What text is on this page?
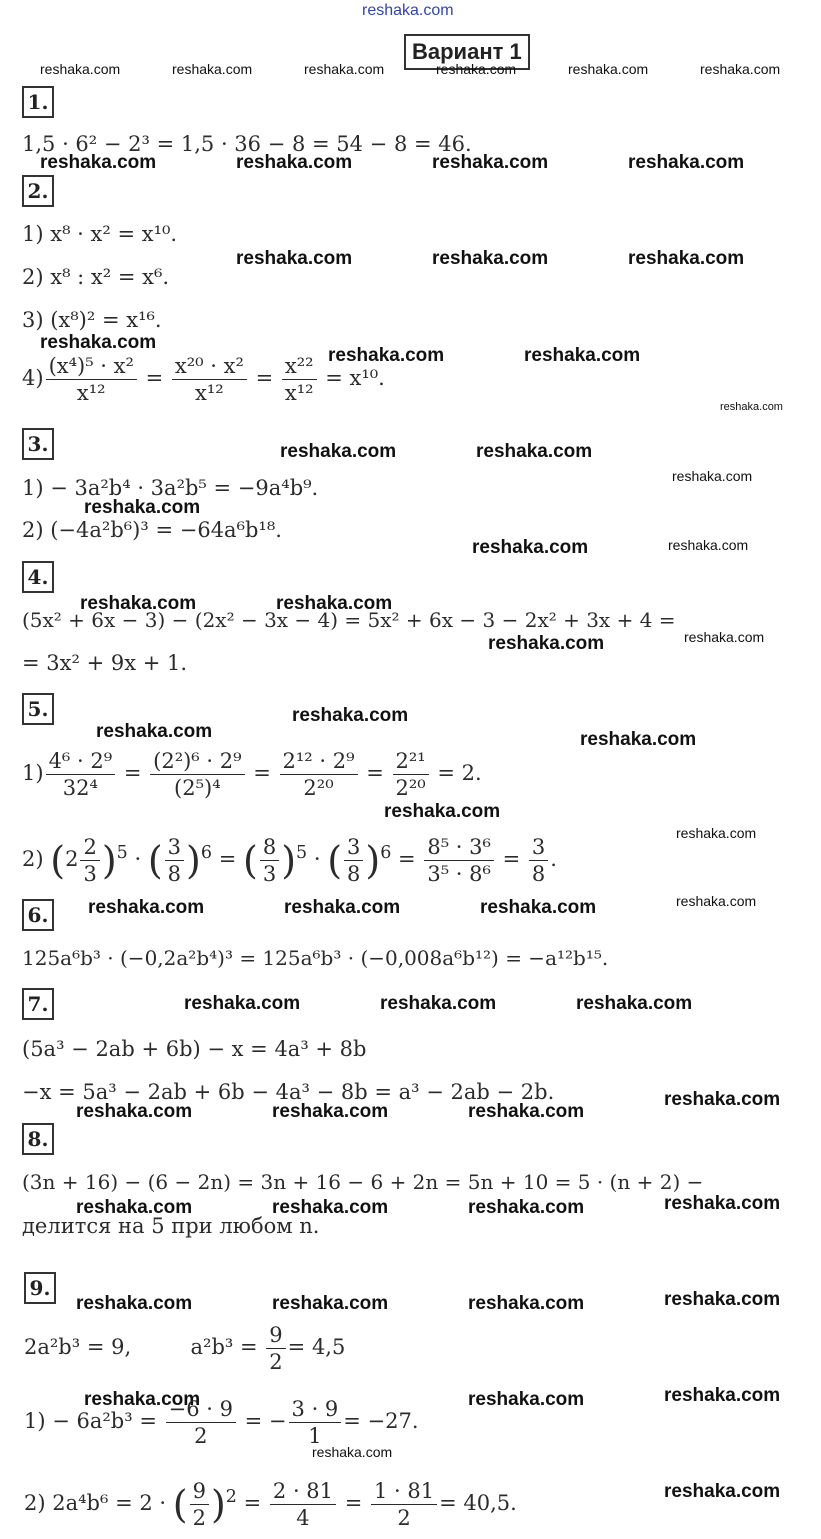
reshaka.com
Вариант 1
reshaka.com	reshaka.com	reshaka.com	reshaka.com	reshaka.com	reshaka.com
1.
1,5 · 6² − 2³ = 1,5 · 36 − 8 = 54 − 8 = 46.
reshaka.com	reshaka.com	reshaka.com	reshaka.com
2.
1) x⁸ · x² = x¹⁰.
2) x⁸ : x² = x⁶.
reshaka.com	reshaka.com	reshaka.com
3) (x⁸)² = x¹⁶.
reshaka.com
$4) \frac{\text{(x⁴)⁵ · x²}}{\text{x¹²}} = \frac{\text{x²⁰ · x²}}{\text{x¹²}} = \frac{\text{x²²}}{\text{x¹²}} = x^{10}$.
reshaka.com	reshaka.com
reshaka.com
3.	reshaka.com	reshaka.com
reshaka.com
1) − 3a²b⁴ · 3a²b⁵ = −9a⁴b⁹.
reshaka.com
2) (−4a²b⁶)³ = −64a⁶b¹⁸.
reshaka.com	reshaka.com
4.
reshaka.com	reshaka.com
(5x² + 6x − 3) − (2x² − 3x − 4) = 5x² + 6x − 3 − 2x² + 3x + 4 =
reshaka.com
reshaka.com
= 3x² + 9x + 1.
5.	reshaka.com
reshaka.com	reshaka.com
$1) \frac{\text{4⁶ · 2⁹}}{\text{32⁴}} = \frac{\text{(2²)⁶ · 2⁹}}{\text{(2⁵)⁴}} = \frac{\text{2¹² · 2⁹}}{\text{2²⁰}} = \frac{\text{2²¹}}{\text{2²⁰}} = 2$.
reshaka.com
reshaka.com
2) $(2 \frac{2}{3} )^5$ · ( $\frac{3}{8} )^6$ = ( $\frac{8}{3} )^5$ · ( $\frac{3}{8} )^6 = \frac{\text{8⁵ · 3⁶}}{\text{3⁵ · 8⁶}} = \frac{3}{8}$ .
reshaka.com
6. reshaka.com	reshaka.com	reshaka.com
125a⁶b³ · (−0,2a²b⁴)³ = 125a⁶b³ · (−0,008a⁶b¹²) = −a¹²b¹⁵.
7.	reshaka.com	reshaka.com	reshaka.com
(5a³ − 2ab + 6b) − x = 4a³ + 8b
−x = 5a³ − 2ab + 6b − 4a³ − 8b = a³ − 2ab − 2b.	reshaka.com
reshaka.com	reshaka.com	reshaka.com
8.
(3n + 16) − (6 − 2n) = 3n + 16 − 6 + 2n = 5n + 10 = 5 · (n + 2) −
reshaka.com
reshaka.com	reshaka.com	reshaka.com
делится на 5 при любом n.
9.	reshaka.com
reshaka.com	reshaka.com	reshaka.com
2a²b³ = 9,	$a^2b^3 = \frac{9}{2} = 4,5$
reshaka.com
reshaka.com	reshaka.com
$1) - 6a^2b^3 = \frac{-6 \cdot 9}{2}$ = − $\frac{3 \cdot 9}{1} = -27$.
reshaka.com
reshaka.com
2) 2a⁴b⁶ = 2 · ( $\frac{9}{2} )^2 = \frac{2 \cdot 81}{4} = \frac{1 \cdot 81}{2} = 40,5$.
